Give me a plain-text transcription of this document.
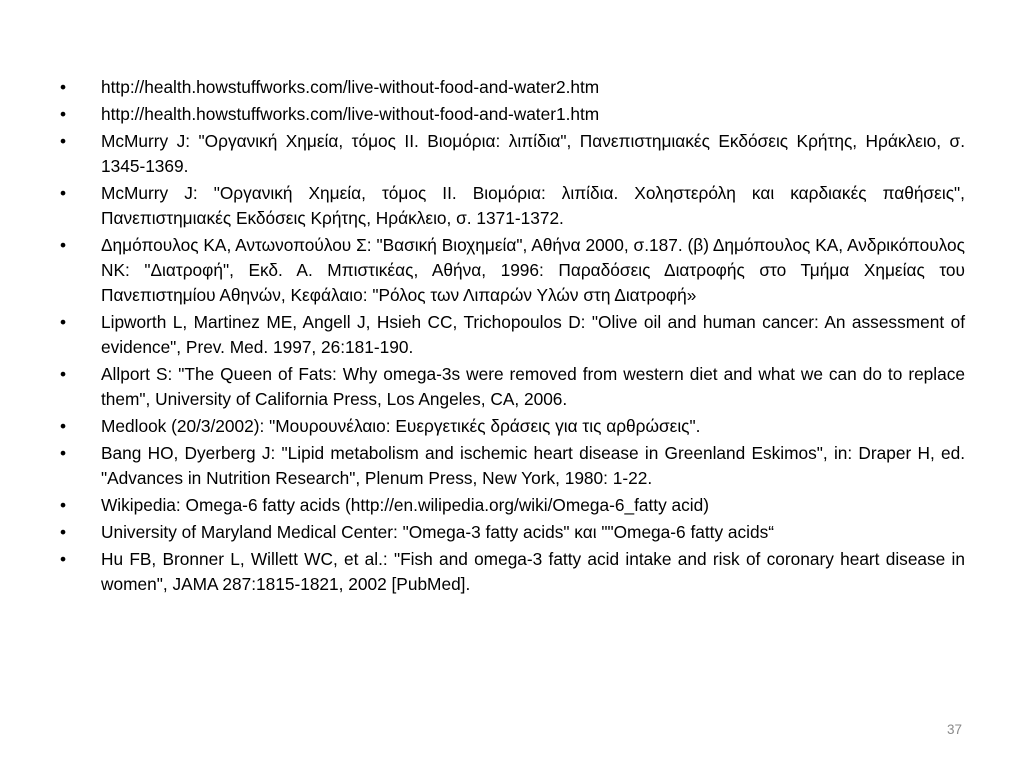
•	http://health.howstuffworks.com/live-without-food-and-water2.htm
•	http://health.howstuffworks.com/live-without-food-and-water1.htm
•	McMurry J: "Οργανική Χημεία, τόμος ΙΙ. Βιομόρια: λιπίδια", Πανεπιστημιακές Εκδόσεις Κρήτης, Ηράκλειο, σ. 1345-1369.
•	McMurry J: "Οργανική Χημεία, τόμος ΙΙ. Βιομόρια: λιπίδια. Χοληστερόλη και καρδιακές παθήσεις", Πανεπιστημιακές Εκδόσεις Κρήτης, Ηράκλειο, σ. 1371-1372.
•	Δημόπουλος ΚΑ, Αντωνοπούλου Σ: "Βασική Βιοχημεία", Αθήνα 2000, σ.187. (β) Δημόπουλος ΚΑ, Ανδρικόπουλος ΝΚ: "Διατροφή", Εκδ. Α. Μπιστικέας, Αθήνα, 1996: Παραδόσεις Διατροφής στο Τμήμα Χημείας του Πανεπιστημίου Αθηνών, Κεφάλαιο: "Ρόλος των Λιπαρών Υλών στη Διατροφή»
•	Lipworth L, Martinez ME, Angell J, Hsieh CC, Trichopoulos D: "Olive oil and human cancer: An assessment of evidence", Prev. Med. 1997, 26:181-190.
•	Allport S: "The Queen of Fats: Why omega-3s were removed from western diet and what we can do to replace them", University of California Press, Los Angeles, CA, 2006.
•	Medlook (20/3/2002): "Μουρουνέλαιο: Ευεργετικές δράσεις για τις αρθρώσεις".
•	Bang HO, Dyerberg J: "Lipid metabolism and ischemic heart disease in Greenland Eskimos", in: Draper H, ed. "Advances in Nutrition Research", Plenum Press, New York, 1980: 1-22.
•	Wikipedia: Omega-6 fatty acids (http://en.wilipedia.org/wiki/Omega-6_fatty acid)
•	University of Maryland Medical Center: "Omega-3 fatty acids" και ""Omega-6 fatty acids“
•	Hu FB, Bronner L, Willett WC, et al.: "Fish and omega-3 fatty acid intake and risk of coronary heart disease in women", JAMA 287:1815-1821, 2002 [PubMed].
37
